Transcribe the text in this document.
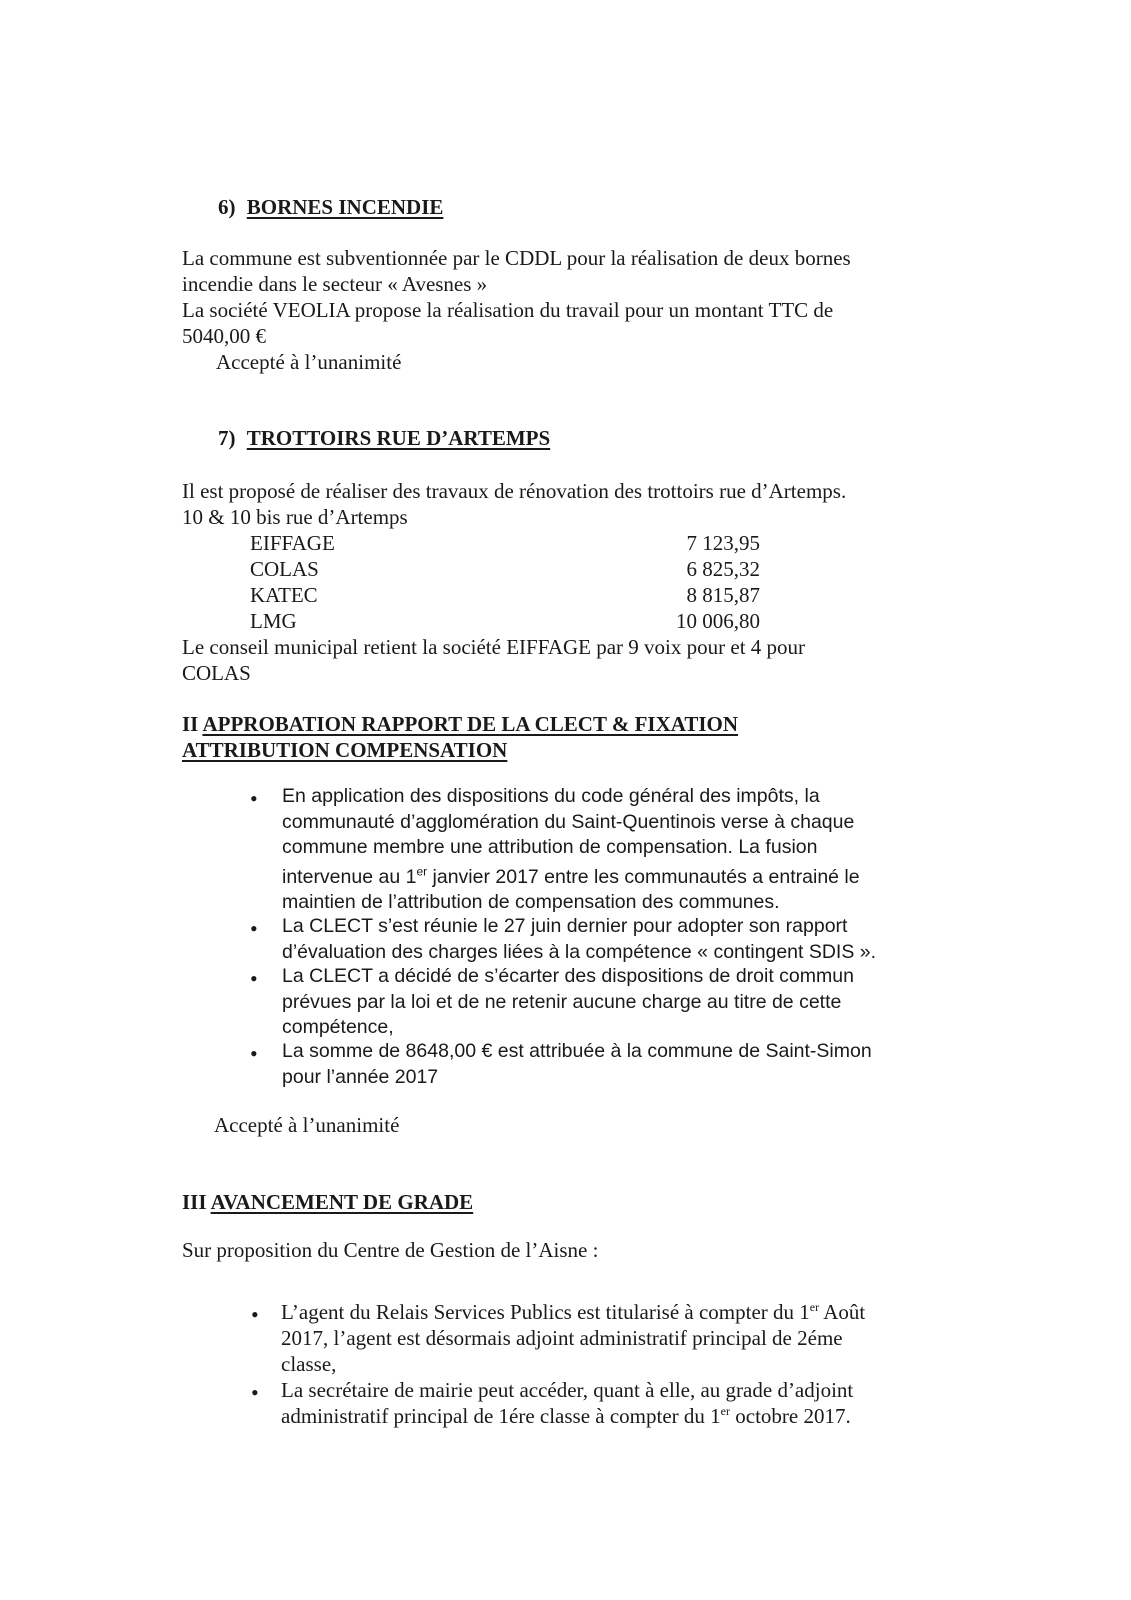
6) BORNES INCENDIE
La commune est subventionnée par le CDDL pour la réalisation de deux bornes
incendie dans le secteur « Avesnes »
La société VEOLIA propose la réalisation du travail pour un montant TTC de
5040,00 €
Accepté à l’unanimité
7) TROTTOIRS RUE D’ARTEMPS
Il est proposé de réaliser des travaux de rénovation des trottoirs rue d’Artemps.
10 & 10 bis rue d’Artemps
EIFFAGE	7 123,95
COLAS	6 825,32
KATEC	8 815,87
LMG	10 006,80
Le conseil municipal retient la société EIFFAGE par 9 voix pour et 4 pour
COLAS
II APPROBATION RAPPORT DE LA CLECT & FIXATION
ATTRIBUTION COMPENSATION
• En application des dispositions du code général des impôts, la
communauté d’agglomération du Saint-Quentinois verse à chaque
commune membre une attribution de compensation. La fusion
intervenue au 1er janvier 2017 entre les communautés a entrainé le
maintien de l’attribution de compensation des communes.
• La CLECT s’est réunie le 27 juin dernier pour adopter son rapport
d’évaluation des charges liées à la compétence « contingent SDIS ».
• La CLECT a décidé de s’écarter des dispositions de droit commun
prévues par la loi et de ne retenir aucune charge au titre de cette
compétence,
• La somme de 8648,00 € est attribuée à la commune de Saint-Simon
pour l’année 2017
Accepté à l’unanimité
III AVANCEMENT DE GRADE
Sur proposition du Centre de Gestion de l’Aisne :
• L’agent du Relais Services Publics est titularisé à compter du 1er Août
2017, l’agent est désormais adjoint administratif principal de 2éme
classe,
• La secrétaire de mairie peut accéder, quant à elle, au grade d’adjoint
administratif principal de 1ére classe à compter du 1er octobre 2017.
